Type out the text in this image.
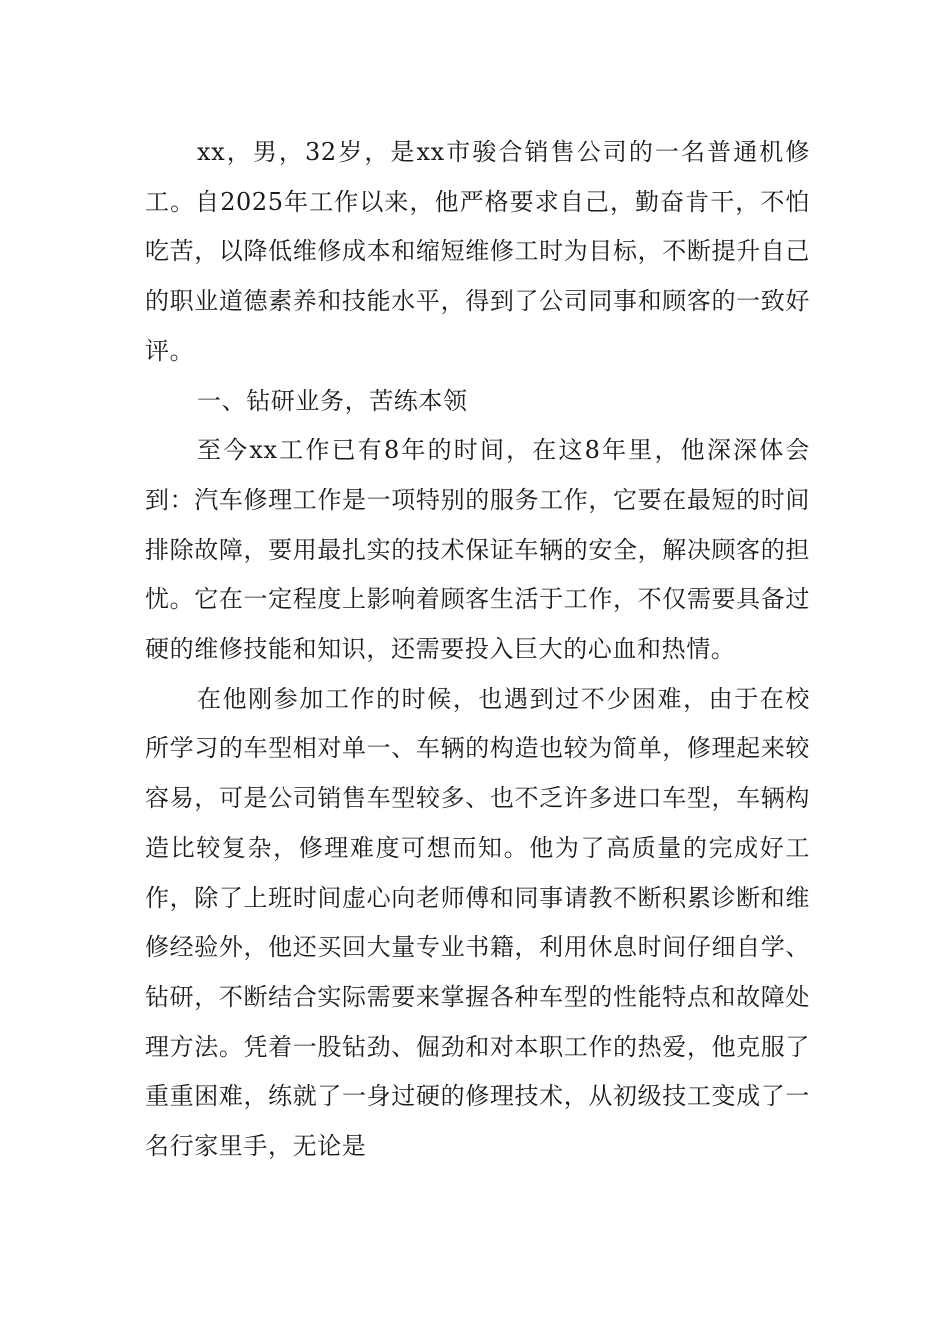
xx，男，32岁，是xx市骏合销售公司的一名普通机修工。自2025年工作以来，他严格要求自己，勤奋肯干，不怕吃苦，以降低维修成本和缩短维修工时为目标，不断提升自己的职业道德素养和技能水平，得到了公司同事和顾客的一致好评。

一、钻研业务，苦练本领

至今xx工作已有8年的时间，在这8年里，他深深体会到：汽车修理工作是一项特别的服务工作，它要在最短的时间排除故障，要用最扎实的技术保证车辆的安全，解决顾客的担忧。它在一定程度上影响着顾客生活于工作，不仅需要具备过硬的维修技能和知识，还需要投入巨大的心血和热情。

在他刚参加工作的时候，也遇到过不少困难，由于在校所学习的车型相对单一、车辆的构造也较为简单，修理起来较容易，可是公司销售车型较多、也不乏许多进口车型，车辆构造比较复杂，修理难度可想而知。他为了高质量的完成好工作，除了上班时间虚心向老师傅和同事请教不断积累诊断和维修经验外，他还买回大量专业书籍，利用休息时间仔细自学、钻研，不断结合实际需要来掌握各种车型的性能特点和故障处理方法。凭着一股钻劲、倔劲和对本职工作的热爱，他克服了重重困难，练就了一身过硬的修理技术，从初级技工变成了一名行家里手，无论是
